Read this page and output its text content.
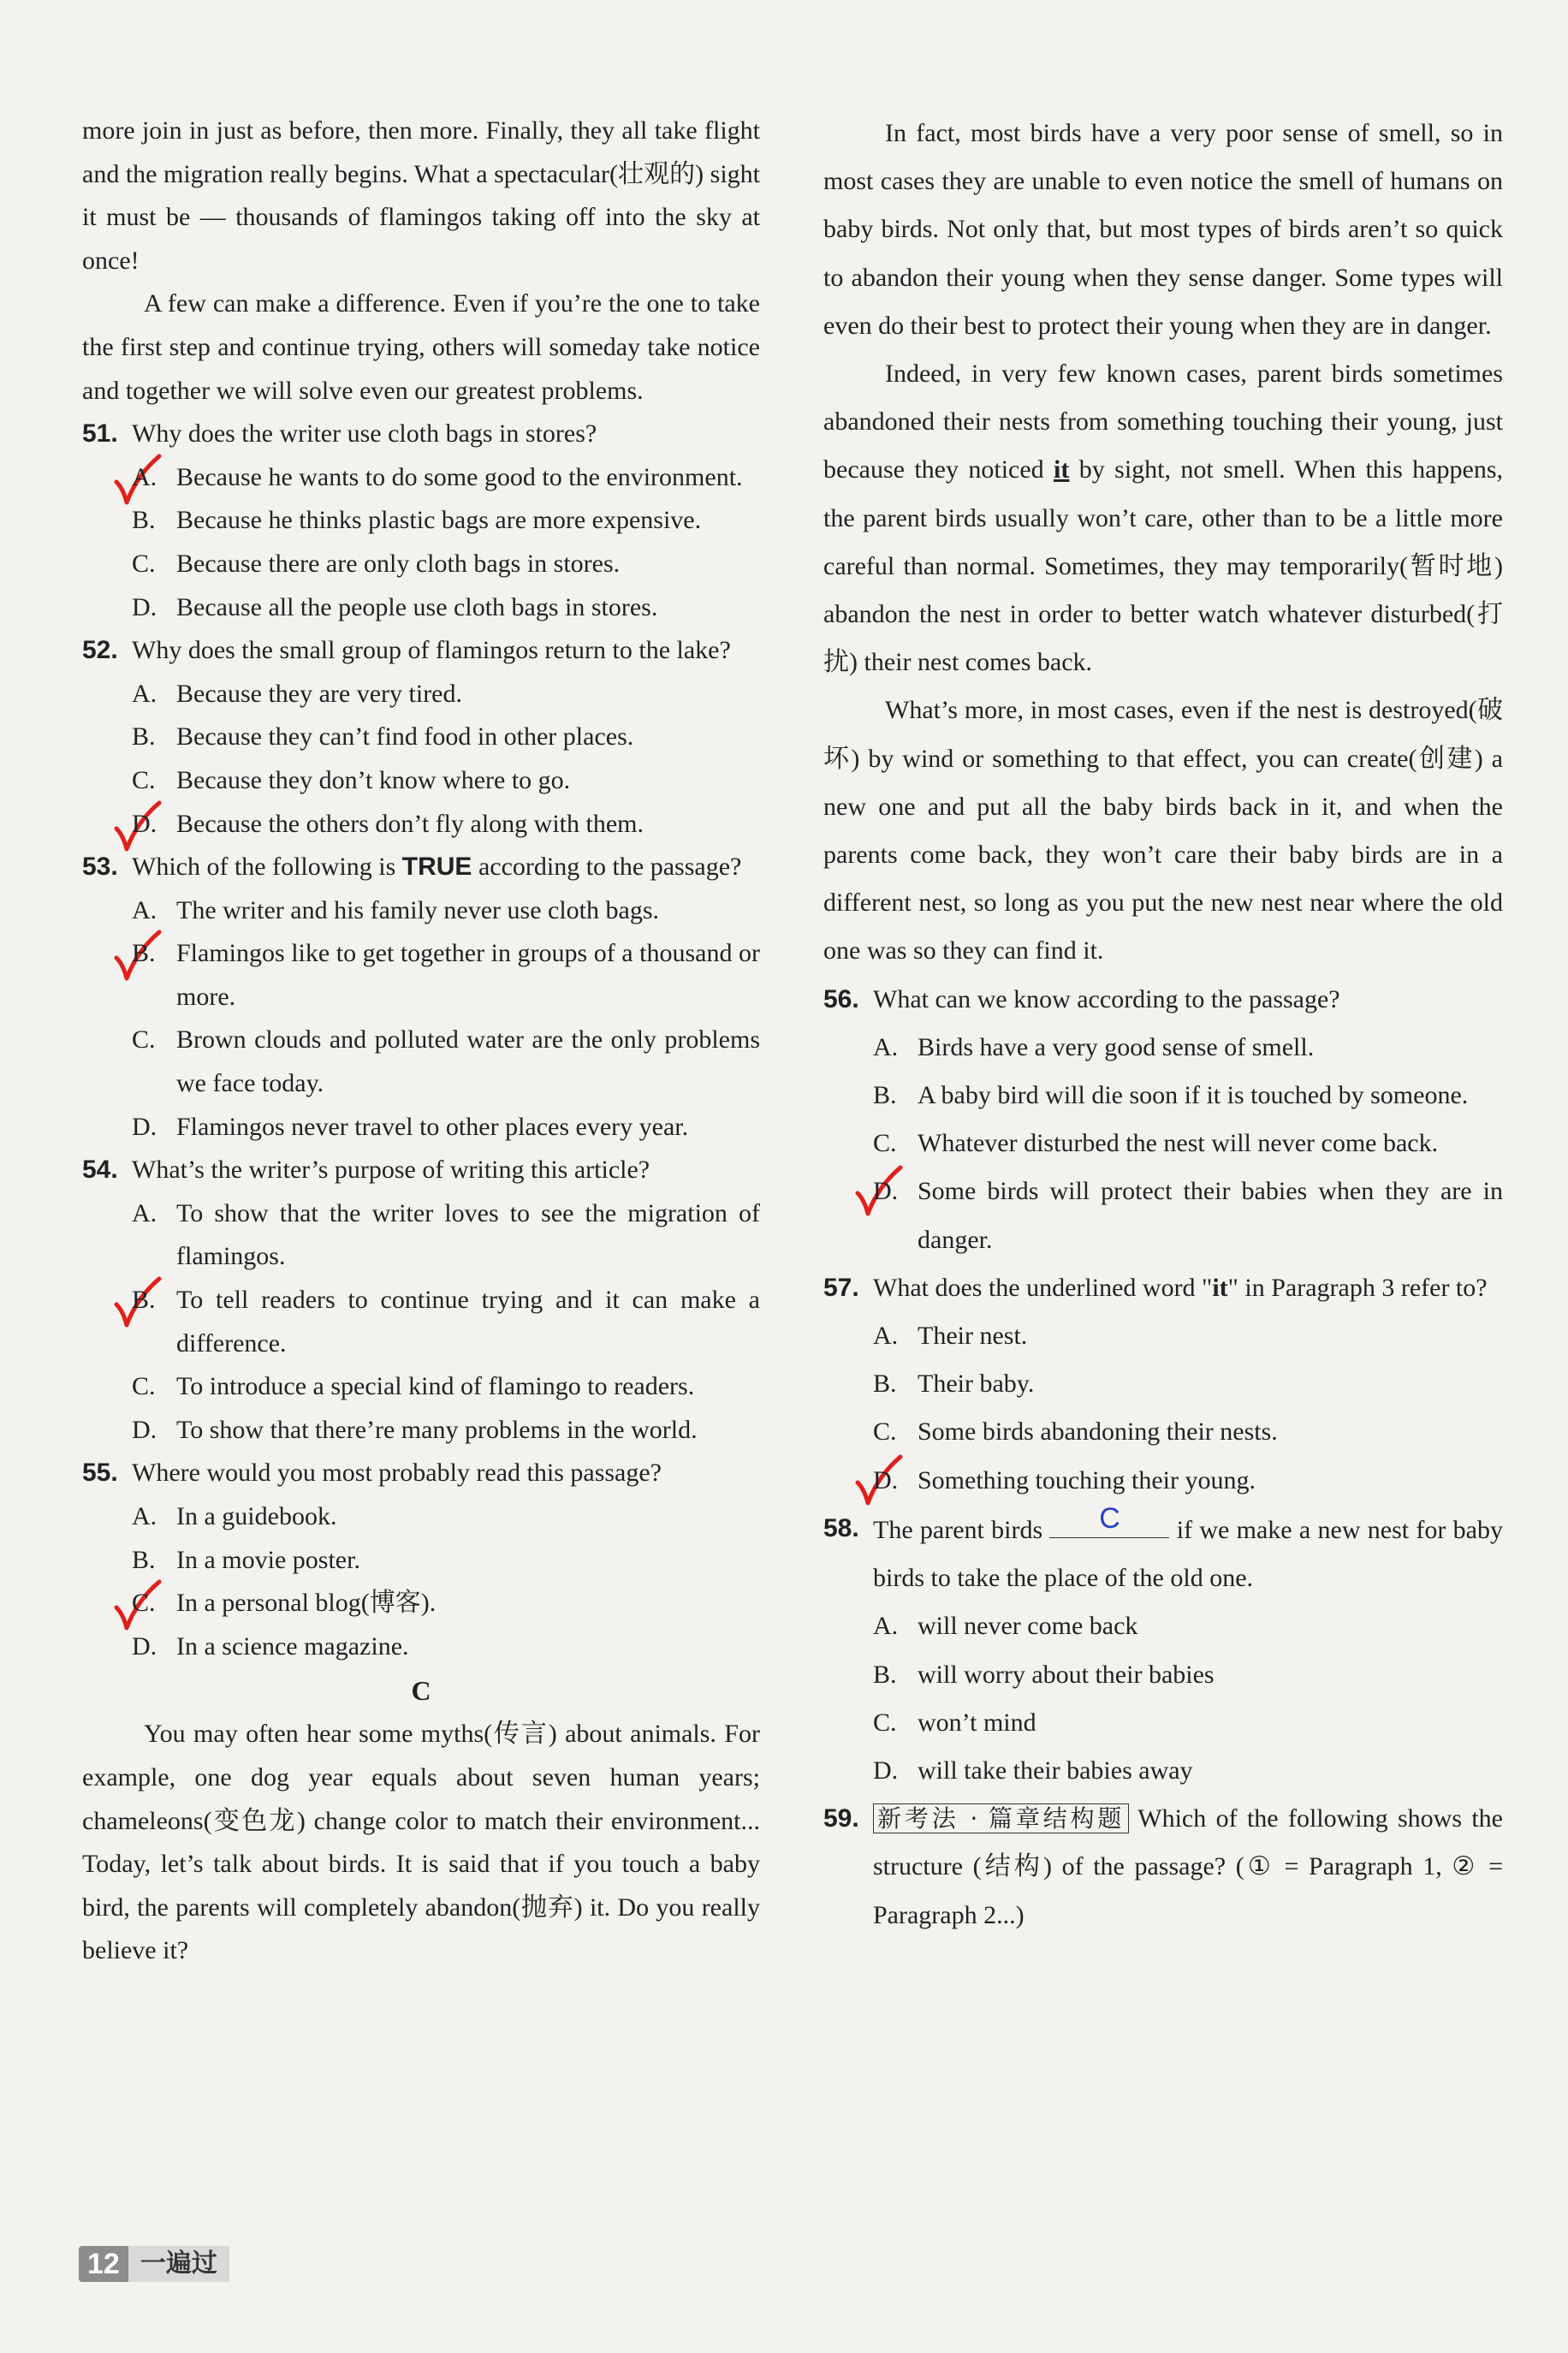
more join in just as before, then more. Finally, they all take flight and the migration really begins. What a spectacular(壮观的) sight it must be — thousands of flamingos taking off into the sky at once!

A few can make a difference. Even if you’re the one to take the first step and continue trying, others will someday take notice and together we will solve even our greatest problems.

51. Why does the writer use cloth bags in stores?
A. Because he wants to do some good to the environment.
B. Because he thinks plastic bags are more expensive.
C. Because there are only cloth bags in stores.
D. Because all the people use cloth bags in stores.
52. Why does the small group of flamingos return to the lake?
A. Because they are very tired.
B. Because they can’t find food in other places.
C. Because they don’t know where to go.
D. Because the others don’t fly along with them.
53. Which of the following is TRUE according to the passage?
A. The writer and his family never use cloth bags.
B. Flamingos like to get together in groups of a thousand or more.
C. Brown clouds and polluted water are the only problems we face today.
D. Flamingos never travel to other places every year.
54. What’s the writer’s purpose of writing this article?
A. To show that the writer loves to see the migration of flamingos.
B. To tell readers to continue trying and it can make a difference.
C. To introduce a special kind of flamingo to readers.
D. To show that there’re many problems in the world.
55. Where would you most probably read this passage?
A. In a guidebook.
B. In a movie poster.
C. In a personal blog(博客).
D. In a science magazine.
C

You may often hear some myths(传言) about animals. For example, one dog year equals about seven human years; chameleons(变色龙) change color to match their environment... Today, let’s talk about birds. It is said that if you touch a baby bird, the parents will completely abandon(抛弃) it. Do you really believe it?

In fact, most birds have a very poor sense of smell, so in most cases they are unable to even notice the smell of humans on baby birds. Not only that, but most types of birds aren’t so quick to abandon their young when they sense danger. Some types will even do their best to protect their young when they are in danger.

Indeed, in very few known cases, parent birds sometimes abandoned their nests from something touching their young, just because they noticed it by sight, not smell. When this happens, the parent birds usually won’t care, other than to be a little more careful than normal. Sometimes, they may temporarily(暂时地) abandon the nest in order to better watch whatever disturbed(打扰) their nest comes back.

What’s more, in most cases, even if the nest is destroyed(破坏) by wind or something to that effect, you can create(创建) a new one and put all the baby birds back in it, and when the parents come back, they won’t care their baby birds are in a different nest, so long as you put the new nest near where the old one was so they can find it.

56. What can we know according to the passage?
A. Birds have a very good sense of smell.
B. A baby bird will die soon if it is touched by someone.
C. Whatever disturbed the nest will never come back.
D. Some birds will protect their babies when they are in danger.
57. What does the underlined word "it" in Paragraph 3 refer to?
A. Their nest.
B. Their baby.
C. Some birds abandoning their nests.
D. Something touching their young.
58. The parent birds	C	if we make a new nest for baby birds to take the place of the old one.
A. will never come back
B. will worry about their babies
C. won’t mind
D. will take their babies away
59. 新考法 · 篇章结构题 Which of the following shows the structure (结构) of the passage? (① = Paragraph 1, ② = Paragraph 2...)
12 一遍过
